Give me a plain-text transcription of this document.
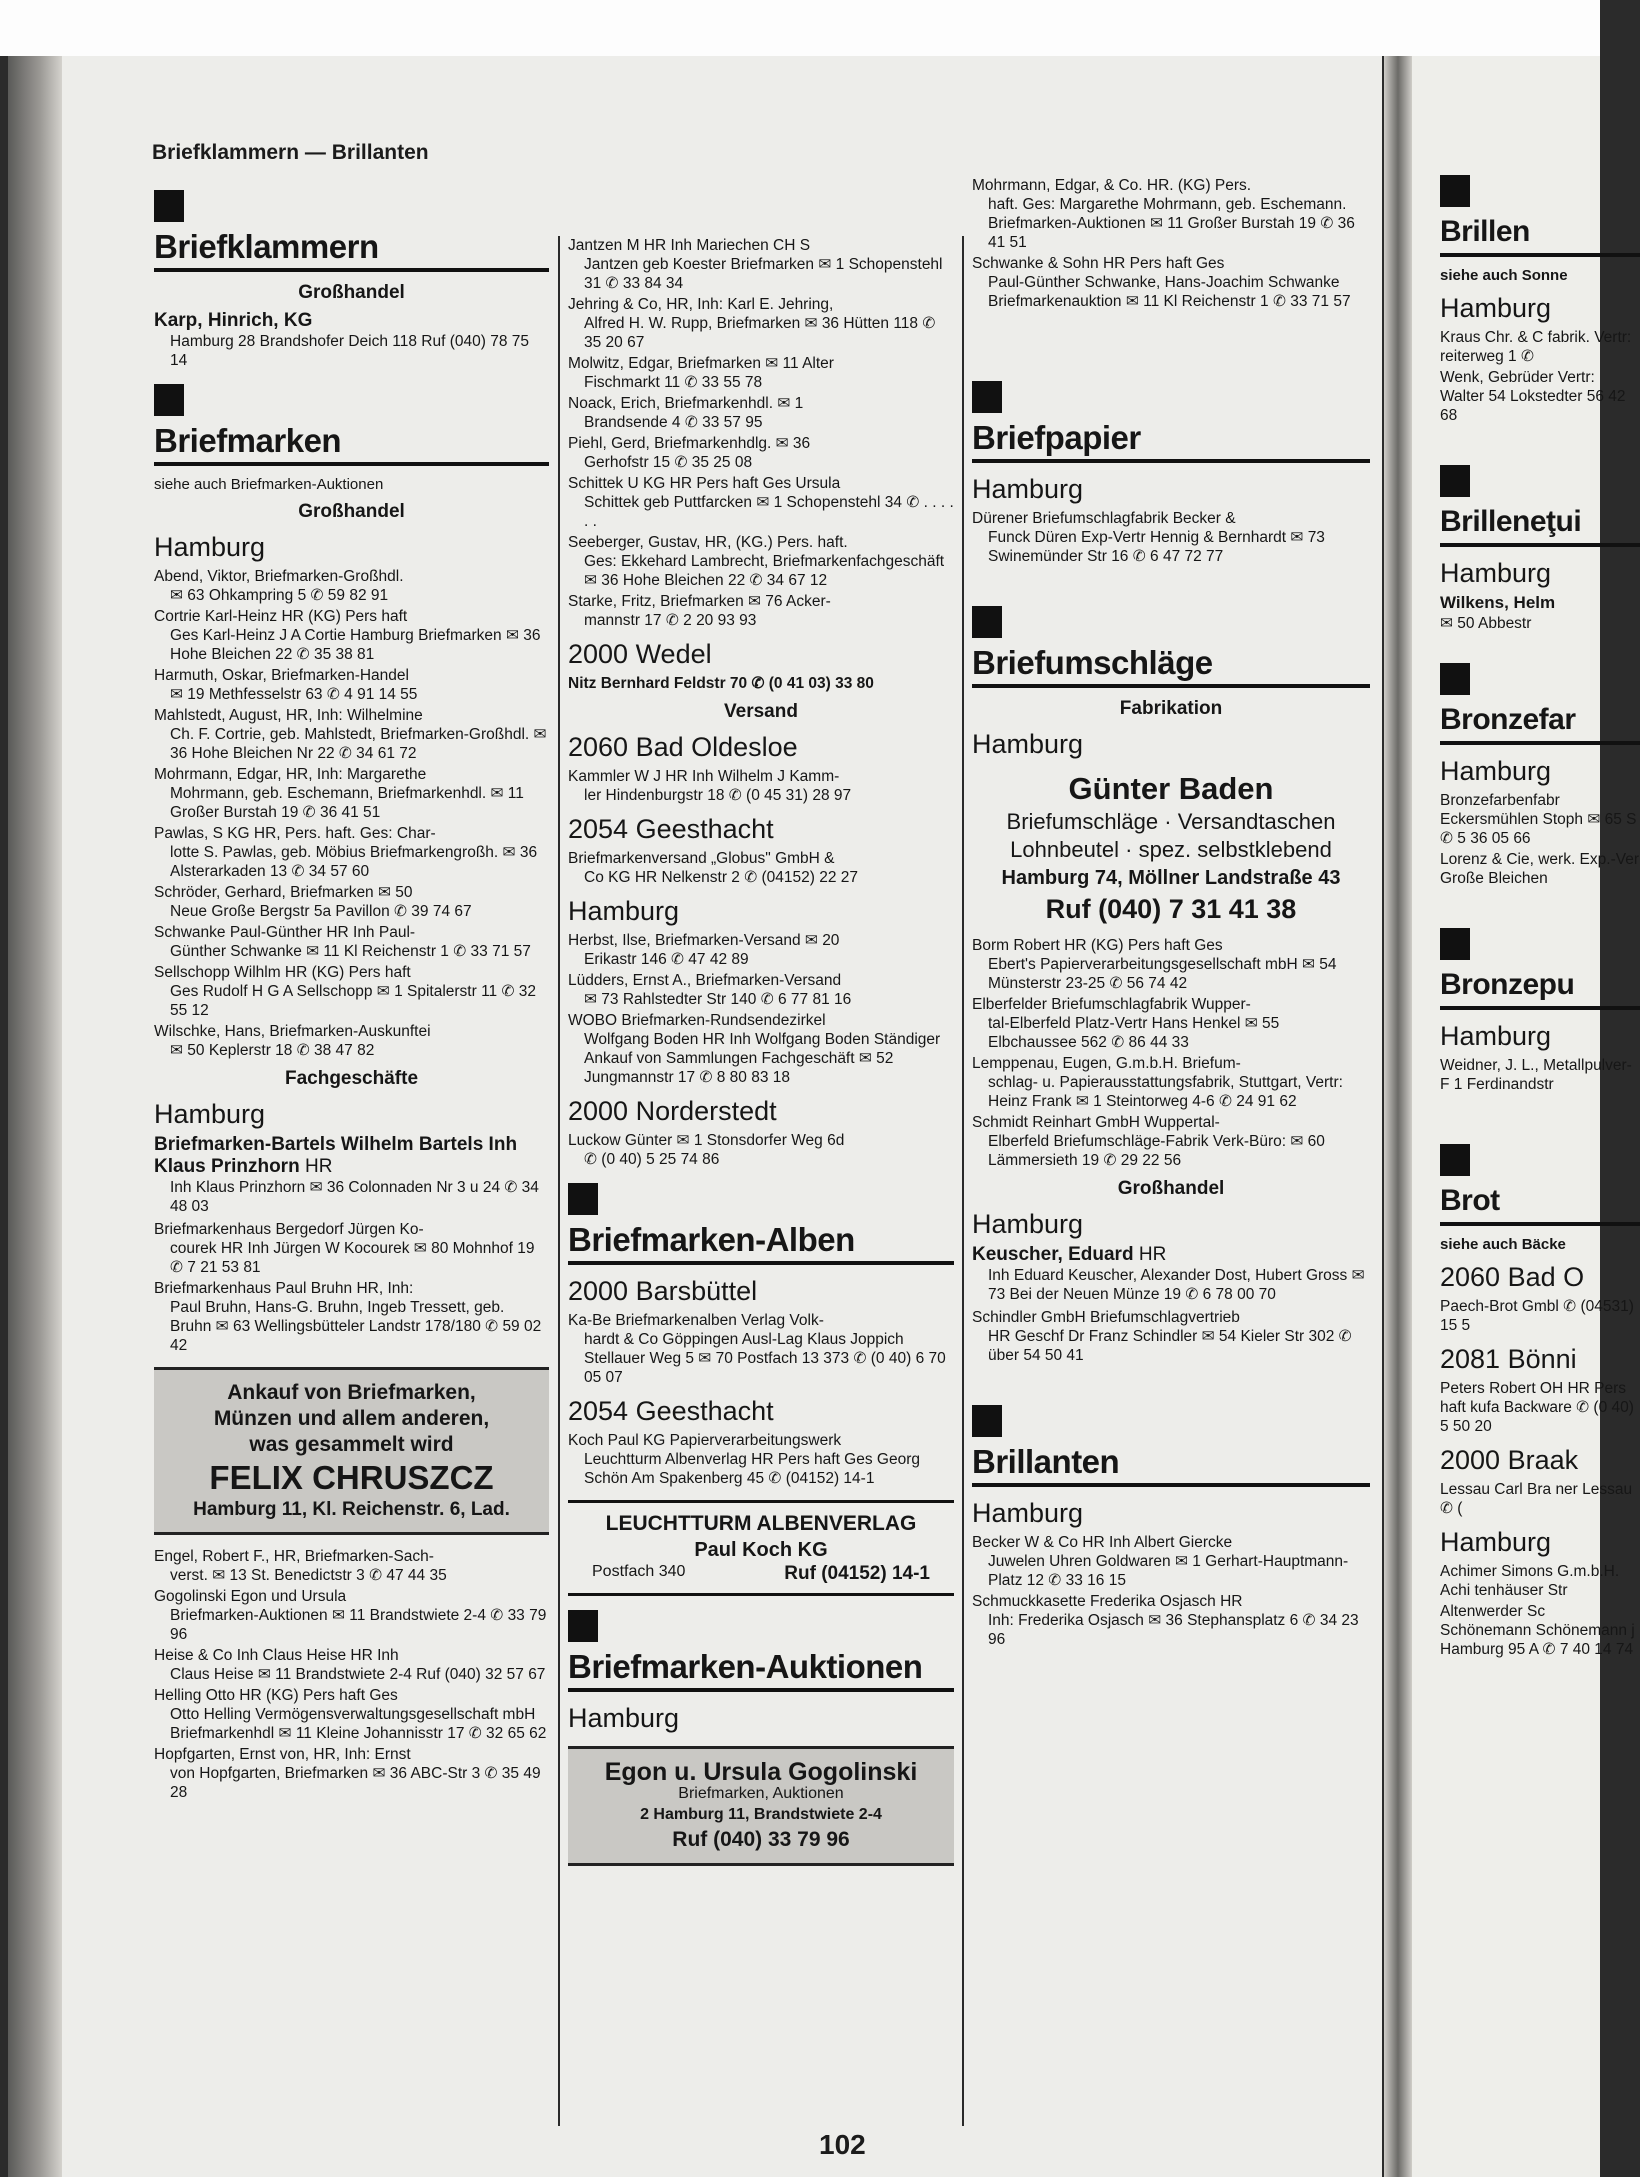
Briefklammern — Brillanten
Briefklammern
Großhandel
Karp, Hinrich, KG
Hamburg 28 Brandshofer Deich 118 Ruf (040) 78 75 14
Briefmarken
siehe auch Briefmarken-Auktionen
Großhandel
Hamburg
Abend, Viktor, Briefmarken-Großhdl.
✉ 63 Ohkampring 5 ✆ 59 82 91
Cortrie Karl-Heinz HR (KG) Pers haft
Ges Karl-Heinz J A Cortie Hamburg Briefmarken ✉ 36 Hohe Bleichen 22 ✆ 35 38 81
Harmuth, Oskar, Briefmarken-Handel
✉ 19 Methfesselstr 63 ✆ 4 91 14 55
Mahlstedt, August, HR, Inh: Wilhelmine
Ch. F. Cortrie, geb. Mahlstedt, Briefmarken-Großhdl. ✉ 36 Hohe Bleichen Nr 22 ✆ 34 61 72
Mohrmann, Edgar, HR, Inh: Margarethe
Mohrmann, geb. Eschemann, Briefmarkenhdl. ✉ 11 Großer Burstah 19 ✆ 36 41 51
Pawlas, S KG HR, Pers. haft. Ges: Char-
lotte S. Pawlas, geb. Möbius Briefmarkengroßh. ✉ 36 Alsterarkaden 13 ✆ 34 57 60
Schröder, Gerhard, Briefmarken ✉ 50
Neue Große Bergstr 5a Pavillon ✆ 39 74 67
Schwanke Paul-Günther HR Inh Paul-
Günther Schwanke ✉ 11 Kl Reichenstr 1 ✆ 33 71 57
Sellschopp Wilhlm HR (KG) Pers haft
Ges Rudolf H G A Sellschopp ✉ 1 Spitalerstr 11 ✆ 32 55 12
Wilschke, Hans, Briefmarken-Auskunftei
✉ 50 Keplerstr 18 ✆ 38 47 82
Fachgeschäfte
Hamburg
Briefmarken-Bartels Wilhelm Bartels Inh Klaus Prinzhorn HR
Inh Klaus Prinzhorn ✉ 36 Colonnaden Nr 3 u 24 ✆ 34 48 03
Briefmarkenhaus Bergedorf Jürgen Ko-
courek HR Inh Jürgen W Kocourek ✉ 80 Mohnhof 19 ✆ 7 21 53 81
Briefmarkenhaus Paul Bruhn HR, Inh:
Paul Bruhn, Hans-G. Bruhn, Ingeb Tressett, geb. Bruhn ✉ 63 Wellingsbütteler Landstr 178/180 ✆ 59 02 42
Ankauf von Briefmarken,
Münzen und allem anderen,
was gesammelt wird
FELIX CHRUSZCZ
Hamburg 11, Kl. Reichenstr. 6, Lad.
Engel, Robert F., HR, Briefmarken-Sach-
verst. ✉ 13 St. Benedictstr 3 ✆ 47 44 35
Gogolinski Egon und Ursula
Briefmarken-Auktionen ✉ 11 Brandstwiete 2-4 ✆ 33 79 96
Heise & Co Inh Claus Heise HR Inh
Claus Heise ✉ 11 Brandstwiete 2-4 Ruf (040) 32 57 67
Helling Otto HR (KG) Pers haft Ges
Otto Helling Vermögensverwaltungsgesellschaft mbH Briefmarkenhdl ✉ 11 Kleine Johannisstr 17 ✆ 32 65 62
Hopfgarten, Ernst von, HR, Inh: Ernst
von Hopfgarten, Briefmarken ✉ 36 ABC-Str 3 ✆ 35 49 28
Jantzen M HR Inh Mariechen CH S
Jantzen geb Koester Briefmarken ✉ 1 Schopenstehl 31 ✆ 33 84 34
Jehring & Co, HR, Inh: Karl E. Jehring,
Alfred H. W. Rupp, Briefmarken ✉ 36 Hütten 118 ✆ 35 20 67
Molwitz, Edgar, Briefmarken ✉ 11 Alter
Fischmarkt 11 ✆ 33 55 78
Noack, Erich, Briefmarkenhdl. ✉ 1
Brandsende 4 ✆ 33 57 95
Piehl, Gerd, Briefmarkenhdlg. ✉ 36
Gerhofstr 15 ✆ 35 25 08
Schittek U KG HR Pers haft Ges Ursula
Schittek geb Puttfarcken ✉ 1 Schopenstehl 34 ✆ . . . . . .
Seeberger, Gustav, HR, (KG.) Pers. haft.
Ges: Ekkehard Lambrecht, Briefmarkenfachgeschäft ✉ 36 Hohe Bleichen 22 ✆ 34 67 12
Starke, Fritz, Briefmarken ✉ 76 Acker-
mannstr 17 ✆ 2 20 93 93
2000 Wedel
Nitz Bernhard Feldstr 70 ✆ (0 41 03) 33 80
Versand
2060 Bad Oldesloe
Kammler W J HR Inh Wilhelm J Kamm-
ler Hindenburgstr 18 ✆ (0 45 31) 28 97
2054 Geesthacht
Briefmarkenversand „Globus" GmbH &
Co KG HR Nelkenstr 2 ✆ (04152) 22 27
Hamburg
Herbst, Ilse, Briefmarken-Versand ✉ 20
Erikastr 146 ✆ 47 42 89
Lüdders, Ernst A., Briefmarken-Versand
✉ 73 Rahlstedter Str 140 ✆ 6 77 81 16
WOBO Briefmarken-Rundsendezirkel
Wolfgang Boden HR Inh Wolfgang Boden Ständiger Ankauf von Sammlungen Fachgeschäft ✉ 52 Jungmannstr 17 ✆ 8 80 83 18
2000 Norderstedt
Luckow Günter ✉ 1 Stonsdorfer Weg 6d
✆ (0 40) 5 25 74 86
Briefmarken-Alben
2000 Barsbüttel
Ka-Be Briefmarkenalben Verlag Volk-
hardt & Co Göppingen Ausl-Lag Klaus Joppich Stellauer Weg 5 ✉ 70 Postfach 13 373 ✆ (0 40) 6 70 05 07
2054 Geesthacht
Koch Paul KG Papierverarbeitungswerk
Leuchtturm Albenverlag HR Pers haft Ges Georg Schön Am Spakenberg 45 ✆ (04152) 14-1
LEUCHTTURM ALBENVERLAG
Paul Koch KG
Postfach 340	Ruf (04152) 14-1
Briefmarken-Auktionen
Hamburg
Egon u. Ursula Gogolinski
Briefmarken, Auktionen
2 Hamburg 11, Brandstwiete 2-4
Ruf (040) 33 79 96
Mohrmann, Edgar, & Co. HR. (KG) Pers.
haft. Ges: Margarethe Mohrmann, geb. Eschemann. Briefmarken-Auktionen ✉ 11 Großer Burstah 19 ✆ 36 41 51
Schwanke & Sohn HR Pers haft Ges
Paul-Günther Schwanke, Hans-Joachim Schwanke Briefmarkenauktion ✉ 11 Kl Reichenstr 1 ✆ 33 71 57
Briefpapier
Hamburg
Dürener Briefumschlagfabrik Becker &
Funck Düren Exp-Vertr Hennig & Bernhardt ✉ 73 Swinemünder Str 16 ✆ 6 47 72 77
Briefumschläge
Fabrikation
Hamburg
Günter Baden
Briefumschläge · Versandtaschen
Lohnbeutel · spez. selbstklebend
Hamburg 74, Möllner Landstraße 43
Ruf (040) 7 31 41 38
Borm Robert HR (KG) Pers haft Ges
Ebert's Papierverarbeitungsgesellschaft mbH ✉ 54 Münsterstr 23-25 ✆ 56 74 42
Elberfelder Briefumschlagfabrik Wupper-
tal-Elberfeld Platz-Vertr Hans Henkel ✉ 55 Elbchaussee 562 ✆ 86 44 33
Lemppenau, Eugen, G.m.b.H. Briefum-
schlag- u. Papierausstattungsfabrik, Stuttgart, Vertr: Heinz Frank ✉ 1 Steintorweg 4-6 ✆ 24 91 62
Schmidt Reinhart GmbH Wuppertal-
Elberfeld Briefumschläge-Fabrik Verk-Büro: ✉ 60 Lämmersieth 19 ✆ 29 22 56
Großhandel
Hamburg
Keuscher, Eduard HR
Inh Eduard Keuscher, Alexander Dost, Hubert Gross ✉ 73 Bei der Neuen Münze 19 ✆ 6 78 00 70
Schindler GmbH Briefumschlagvertrieb
HR Geschf Dr Franz Schindler ✉ 54 Kieler Str 302 ✆ über 54 50 41
Brillanten
Hamburg
Becker W & Co HR Inh Albert Giercke
Juwelen Uhren Goldwaren ✉ 1 Gerhart-Hauptmann-Platz 12 ✆ 33 16 15
Schmuckkasette Frederika Osjasch HR
Inh: Frederika Osjasch ✉ 36 Stephansplatz 6 ✆ 34 23 96
102
Brillen
siehe auch Sonne
Hamburg
Kraus Chr. & C fabrik. Vertr: reiterweg 1 ✆
Wenk, Gebrüder Vertr: Walter 54 Lokstedter 56 42 68
Brilleneţui
Hamburg
Wilkens, Helm
✉ 50 Abbestr
Bronzefar
Hamburg
Bronzefarbenfabr Eckersmühlen Stoph ✉ 65 S ✆ 5 36 05 66
Lorenz & Cie, werk. Exp.-Ver Große Bleichen
Bronzepu
Hamburg
Weidner, J. L., Metallpulver-F 1 Ferdinandstr
Brot
siehe auch Bäcke
2060 Bad O
Paech-Brot Gmbl ✆ (04531) 15 5
2081 Bönni
Peters Robert OH HR Pers haft kufa Backware ✆ (0 40) 5 50 20
2000 Braak
Lessau Carl Bra ner Lessau ✆ (
Hamburg
Achimer Simons G.m.b.H. Achi tenhäuser Str
Altenwerder Sc Schönemann Schönemann j Hamburg 95 A ✆ 7 40 14 74
